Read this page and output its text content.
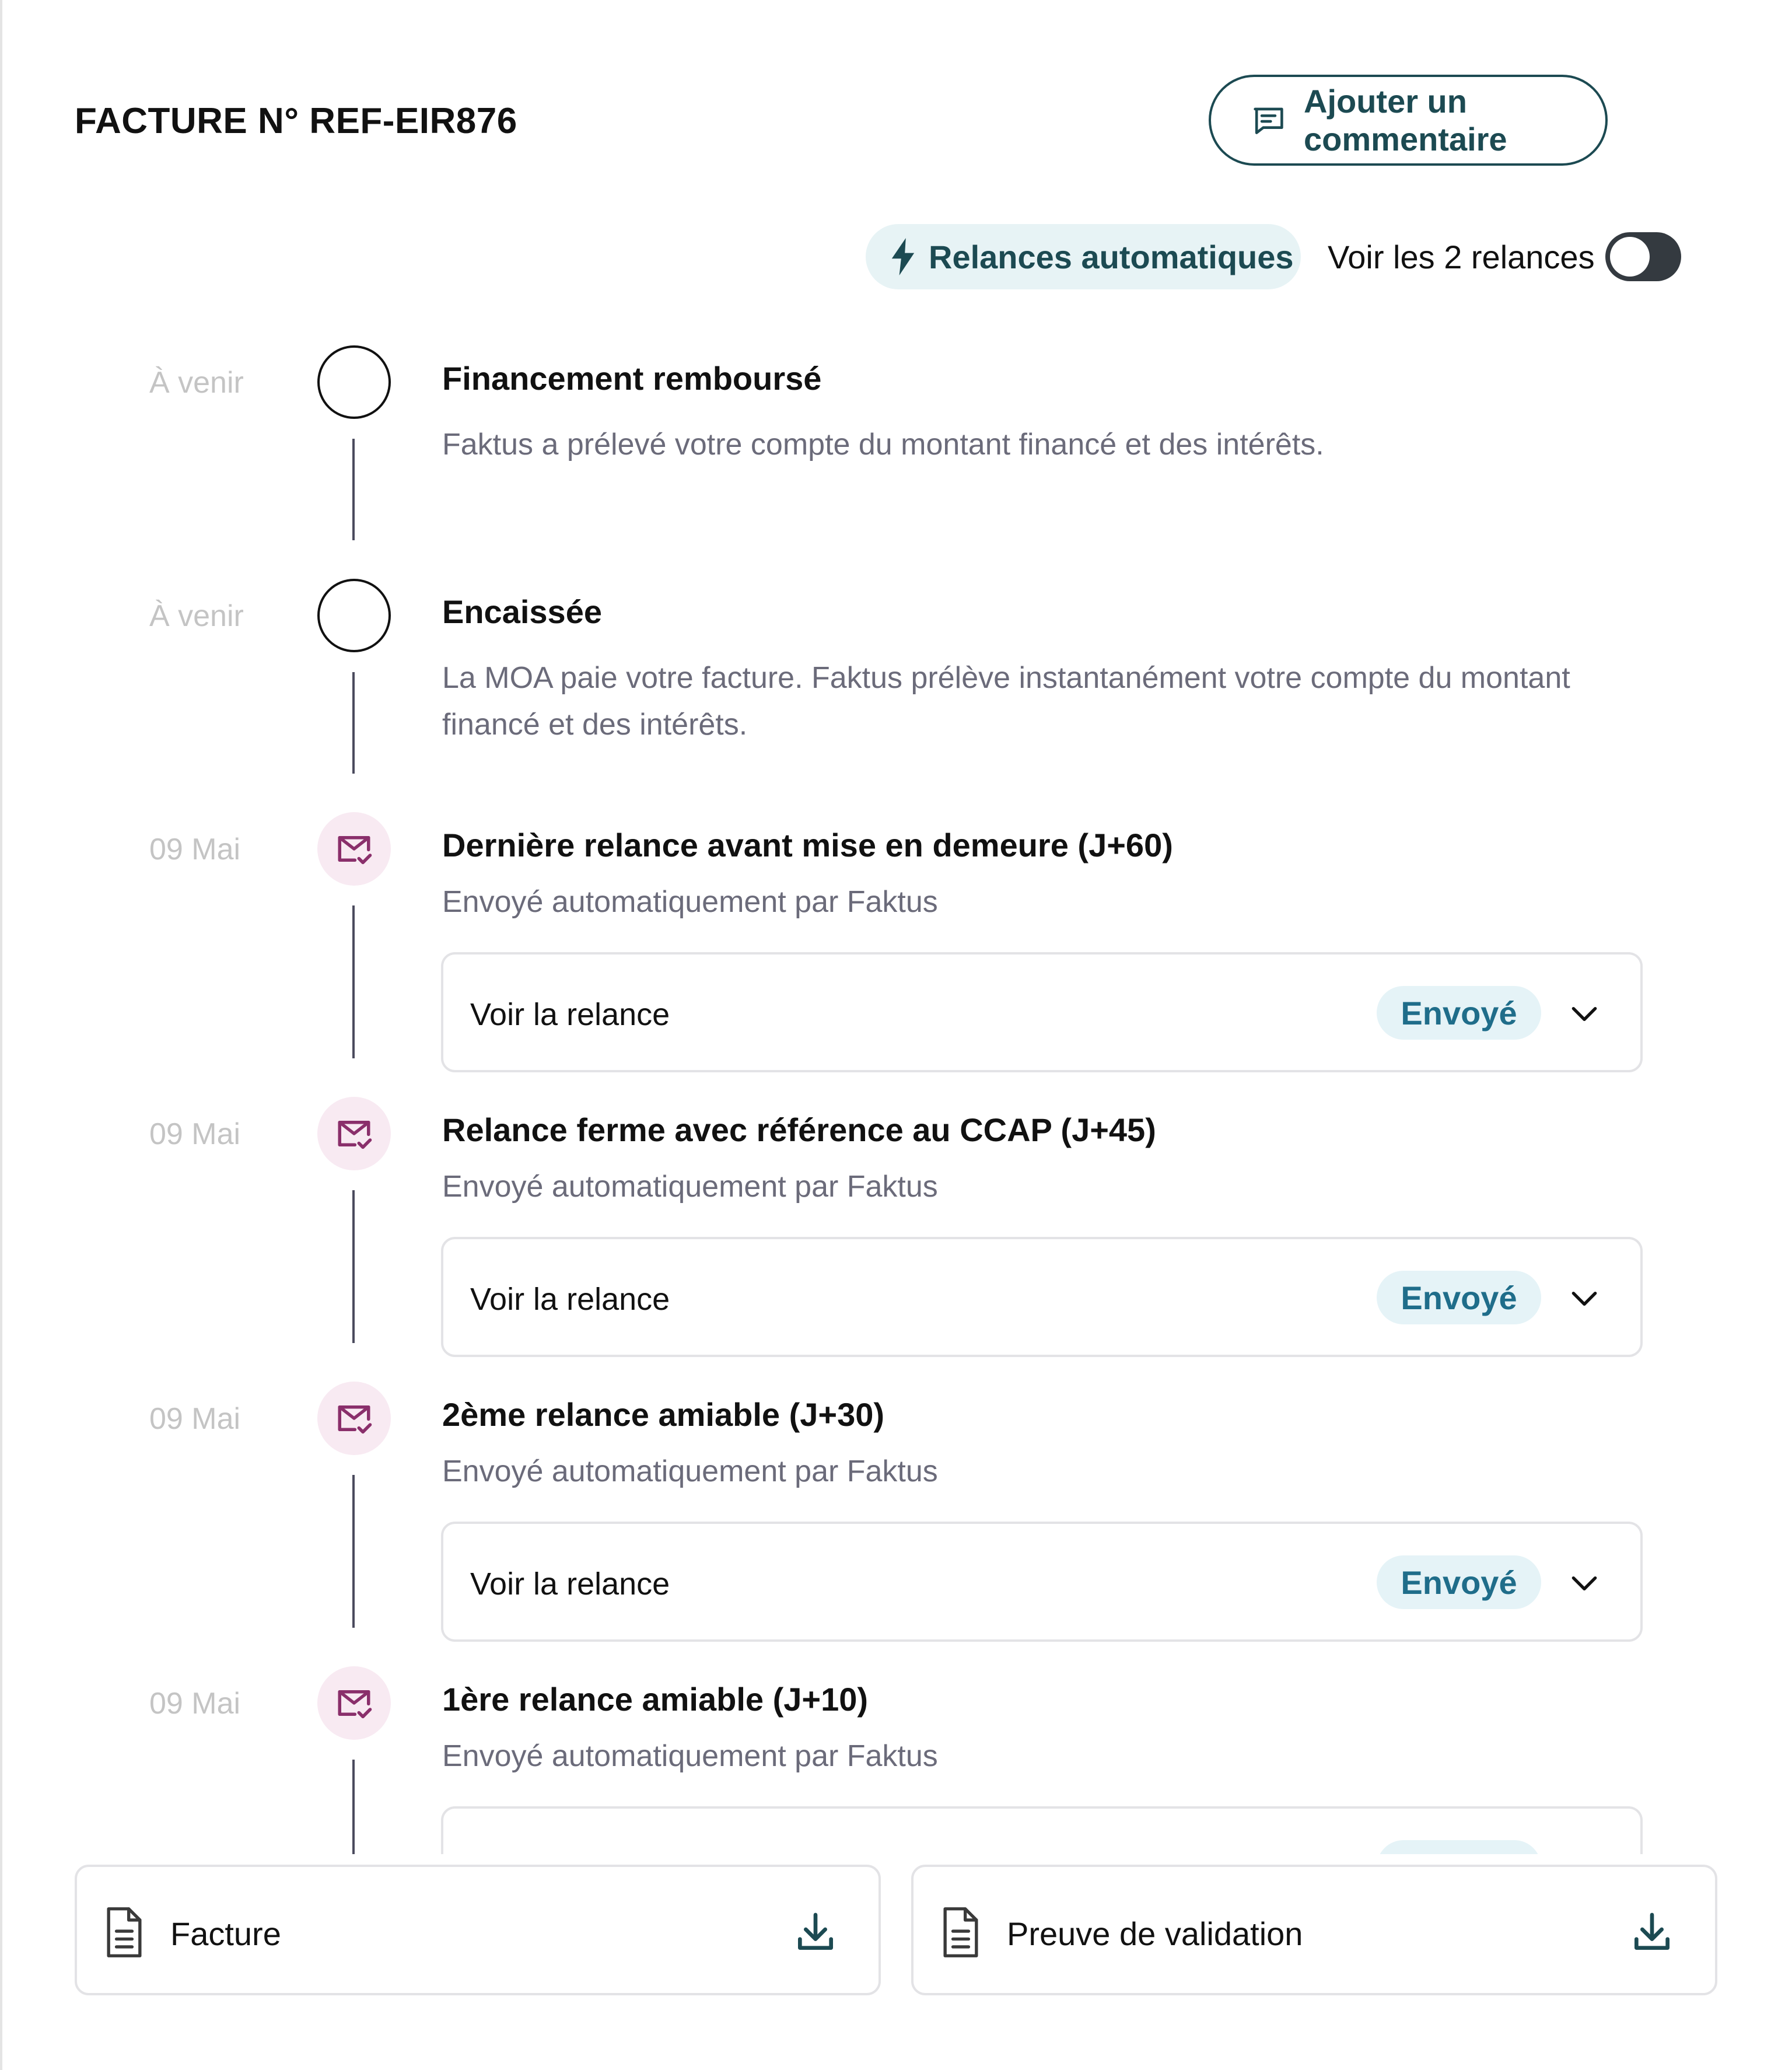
FACTURE N° REF-EIR876	Ajouter un commentaire
Relances automatiques Voir les 2 relances
À venir	Financement remboursé
Faktus a prélevé votre compte du montant financé et des intérêts.
À venir	Encaissée
La MOA paie votre facture. Faktus prélève instantanément votre compte du montant financé et des intérêts.
09 Mai	Dernière relance avant mise en demeure (J+60)
Envoyé automatiquement par Faktus
Voir la relance	Envoyé
09 Mai	Relance ferme avec référence au CCAP (J+45)
Envoyé automatiquement par Faktus
Voir la relance	Envoyé
09 Mai	2ème relance amiable (J+30)
Envoyé automatiquement par Faktus
Voir la relance	Envoyé
09 Mai	1ère relance amiable (J+10)
Envoyé automatiquement par Faktus
Facture	Preuve de validation
